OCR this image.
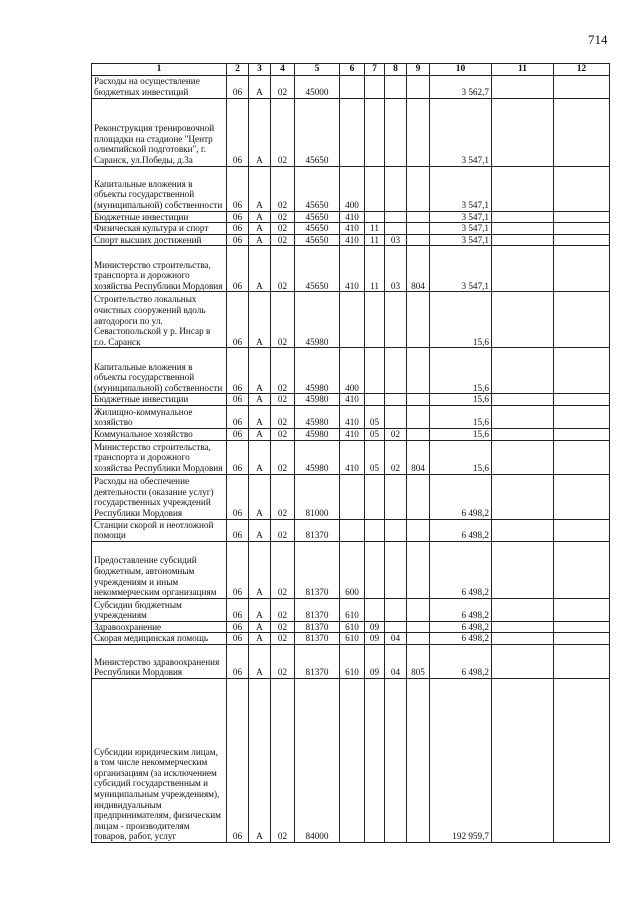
714
1	2	3	4	5	6	7	8	9	10	11	12
Расходы на осуществление бюджетных инвестиций	06	А	02	45000					3 562,7		
Реконструкция тренировочной площадки на стадионе "Центр олимпийской подготовки", г. Саранск, ул.Победы, д.3а	06	А	02	45650					3 547,1		
Капитальные вложения в объекты государственной (муниципальной) собственности	06	А	02	45650	400				3 547,1		
Бюджетные инвестиции	06	А	02	45650	410				3 547,1		
Физическая культура и спорт	06	А	02	45650	410	11			3 547,1		
Спорт высших достижений	06	А	02	45650	410	11	03		3 547,1		
Министерство строительства, транспорта и дорожного хозяйства Республики Мордовия	06	А	02	45650	410	11	03	804	3 547,1		
Строительство локальных очистных сооружений вдоль автодороги по ул. Севастопольской у р. Инсар в г.о. Саранск	06	А	02	45980					15,6		
Капитальные вложения в объекты государственной (муниципальной) собственности	06	А	02	45980	400				15,6		
Бюджетные инвестиции	06	А	02	45980	410				15,6		
Жилищно-коммунальное хозяйство	06	А	02	45980	410	05			15,6		
Коммунальное хозяйство	06	А	02	45980	410	05	02		15,6		
Министерство строительства, транспорта и дорожного хозяйства Республики Мордовия	06	А	02	45980	410	05	02	804	15,6		
Расходы на обеспечение деятельности (оказание услуг) государственных учреждений Республики Мордовия	06	А	02	81000					6 498,2		
Станции скорой и неотложной помощи	06	А	02	81370					6 498,2		
Предоставление субсидий бюджетным, автономным учреждениям и иным некоммерческим организациям	06	А	02	81370	600				6 498,2		
Субсидии бюджетным учреждениям	06	А	02	81370	610				6 498,2		
Здравоохранение	06	А	02	81370	610	09			6 498,2		
Скорая медицинская помощь	06	А	02	81370	610	09	04		6 498,2		
Министерство здравоохранения Республики Мордовия	06	А	02	81370	610	09	04	805	6 498,2		
Субсидии юридическим лицам, в том числе некоммерческим организациям (за исключением субсидий государственным и муниципальным учреждениям), индивидуальным предпринимателям, физическим лицам - производителям товаров, работ, услуг	06	А	02	84000					192 959,7		
